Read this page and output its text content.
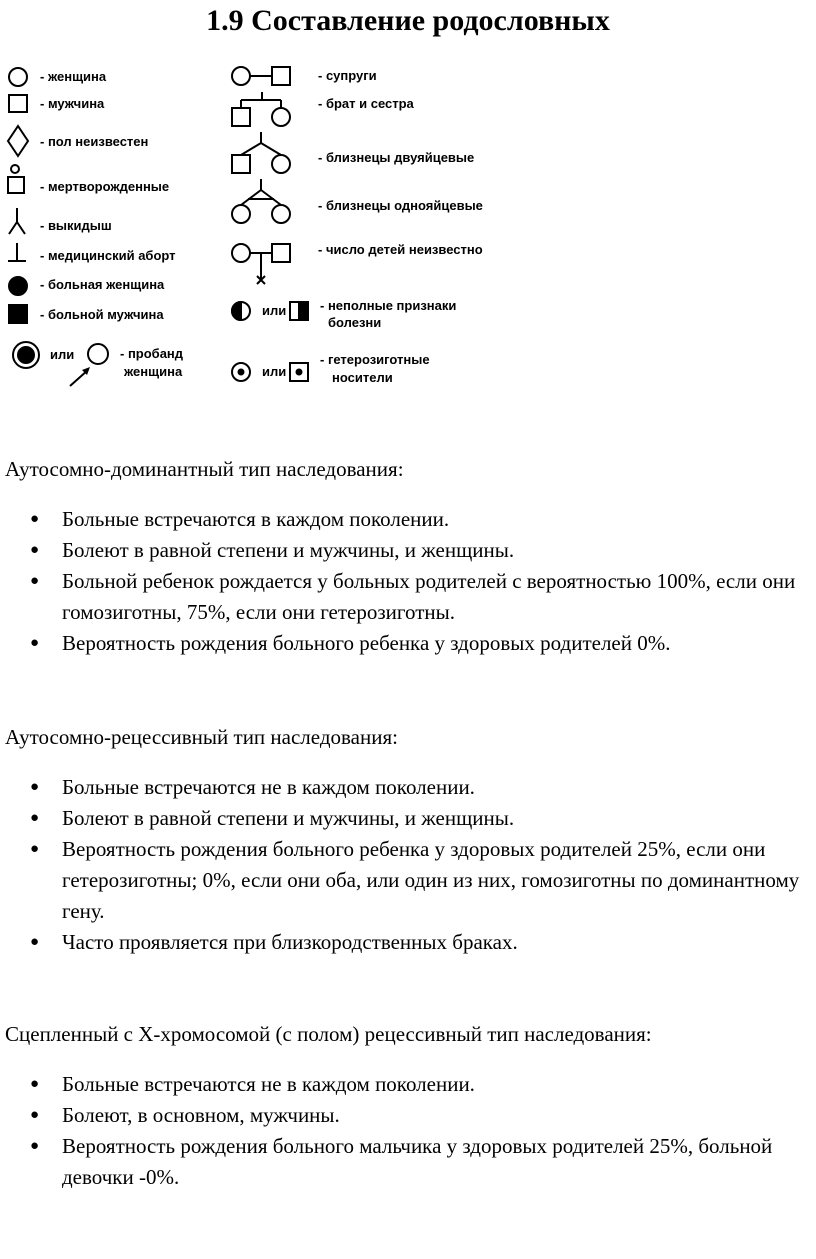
1.9 Составление родословных
- женщина
- мужчина
- пол неизвестен
- мертворожденные
- выкидыш
- медицинский аборт
- больная женщина
- больной мужчина
или	- пробанд
женщина
- супруги
- брат и сестра
- близнецы двуяйцевые
- близнецы однояйцевые
- число детей неизвестно
или	- неполные признаки
болезни
или
- гетерозиготные
носители

Аутосомно-доминантный тип наследования:

● Больные встречаются в каждом поколении.
● Болеют в равной степени и мужчины, и женщины.
● Больной ребенок рождается у больных родителей с вероятностью 100%, если они гомозиготны, 75%, если они гетерозиготны.
● Вероятность рождения больного ребенка у здоровых родителей 0%.

Аутосомно-рецессивный тип наследования:

● Больные встречаются не в каждом поколении.
● Болеют в равной степени и мужчины, и женщины.
● Вероятность рождения больного ребенка у здоровых родителей 25%, если они гетерозиготны; 0%, если они оба, или один из них, гомозиготны по доминантному гену.
● Часто проявляется при близкородственных браках.

Сцепленный с Х-хромосомой (с полом) рецессивный тип наследования:

● Больные встречаются не в каждом поколении.
● Болеют, в основном, мужчины.
● Вероятность рождения больного мальчика у здоровых родителей 25%, больной девочки -0%.
